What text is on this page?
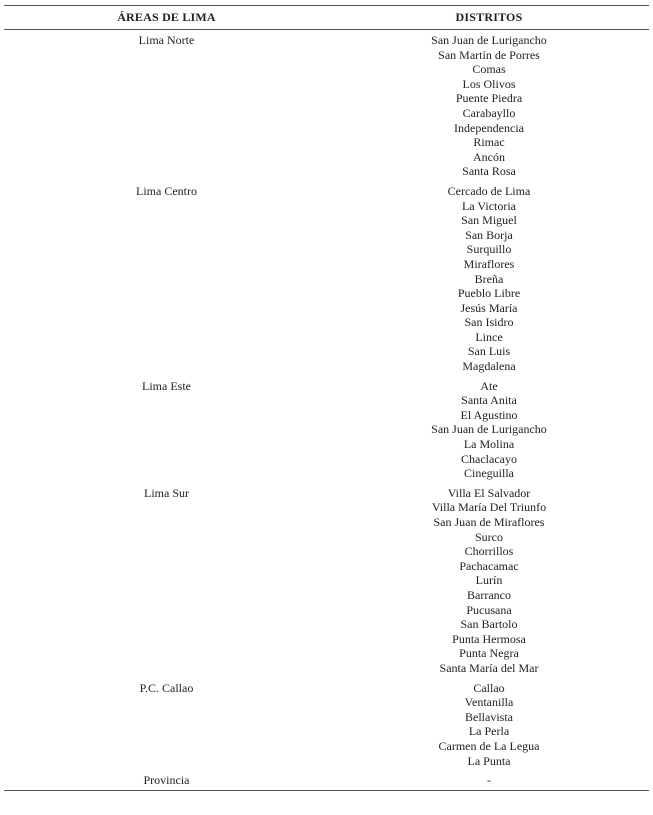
ÁREAS DE LIMA	DISTRITOS
Lima Norte	San Juan de Lurigancho
San Martín de Porres
Comas
Los Olivos
Puente Piedra
Carabayllo
Independencia
Rimac
Ancón
Santa Rosa
Lima Centro	Cercado de Lima
La Victoria
San Miguel
San Borja
Surquillo
Miraflores
Breña
Pueblo Libre
Jesús María
San Isidro
Lince
San Luis
Magdalena
Lima Este	Ate
Santa Anita
El Agustino
San Juan de Lurigancho
La Molina
Chaclacayo
Cineguilla
Lima Sur	Villa El Salvador
Villa María Del Triunfo
San Juan de Miraflores
Surco
Chorrillos
Pachacamac
Lurín
Barranco
Pucusana
San Bartolo
Punta Hermosa
Punta Negra
Santa María del Mar
P.C. Callao	Callao
Ventanilla
Bellavista
La Perla
Carmen de La Legua
La Punta
Provincia	-
